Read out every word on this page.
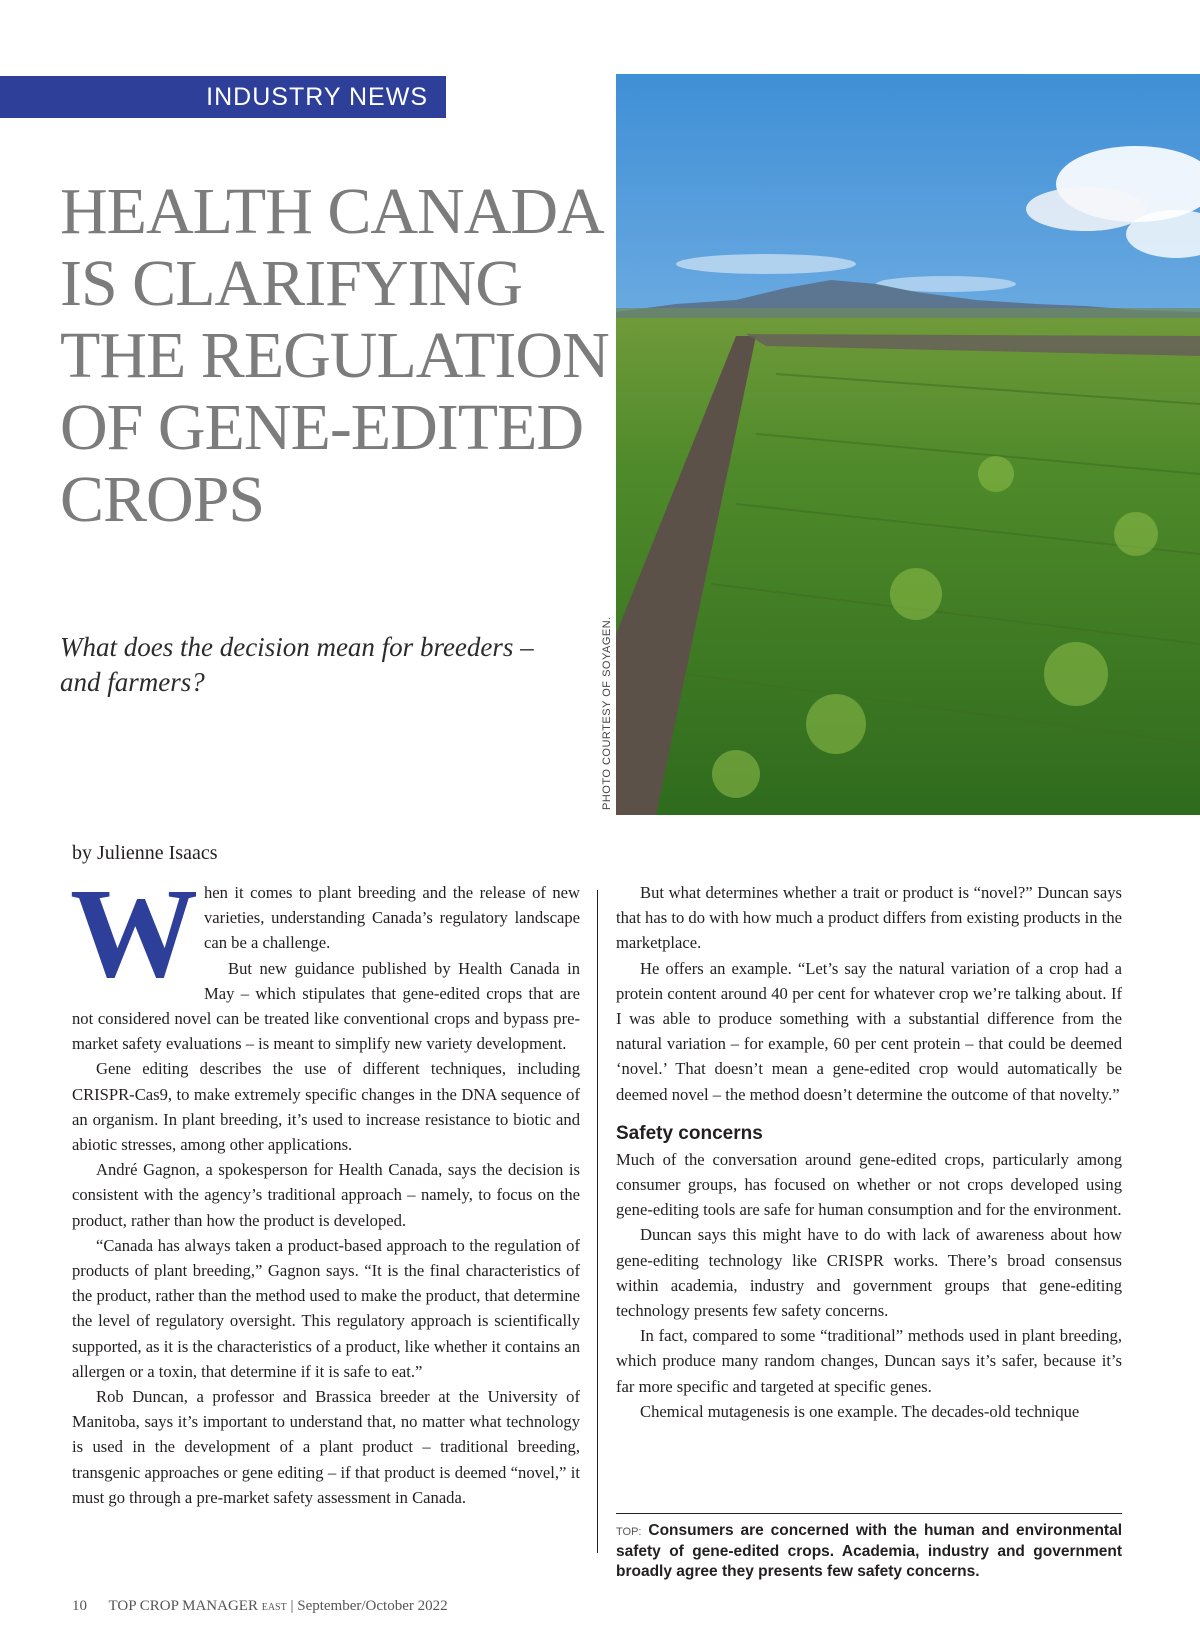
INDUSTRY NEWS
HEALTH CANADA IS CLARIFYING THE REGULATION OF GENE-EDITED CROPS
What does the decision mean for breeders – and farmers?	PHOTO COURTESY OF SOYAGEN.
by Julienne Isaacs

When it comes to plant breeding and the release of new varieties, understanding Canada’s regulatory landscape can be a challenge.

But new guidance published by Health Canada in May – which stipulates that gene-edited crops that are not considered novel can be treated like conventional crops and bypass pre-market safety evaluations – is meant to simplify new variety development.

Gene editing describes the use of different techniques, including CRISPR-Cas9, to make extremely specific changes in the DNA sequence of an organism. In plant breeding, it’s used to increase resistance to biotic and abiotic stresses, among other applications.

André Gagnon, a spokesperson for Health Canada, says the decision is consistent with the agency’s traditional approach – namely, to focus on the product, rather than how the product is developed.

“Canada has always taken a product-based approach to the regulation of products of plant breeding,” Gagnon says. “It is the final characteristics of the product, rather than the method used to make the product, that determine the level of regulatory oversight. This regulatory approach is scientifically supported, as it is the characteristics of a product, like whether it contains an allergen or a toxin, that determine if it is safe to eat.”

Rob Duncan, a professor and Brassica breeder at the University of Manitoba, says it’s important to understand that, no matter what technology is used in the development of a plant product – traditional breeding, transgenic approaches or gene editing – if that product is deemed “novel,” it must go through a pre-market safety assessment in Canada.

But what determines whether a trait or product is “novel?” Duncan says that has to do with how much a product differs from existing products in the marketplace.

He offers an example. “Let’s say the natural variation of a crop had a protein content around 40 per cent for whatever crop we’re talking about. If I was able to produce something with a substantial difference from the natural variation – for example, 60 per cent protein – that could be deemed ‘novel.’ That doesn’t mean a gene-edited crop would automatically be deemed novel – the method doesn’t determine the outcome of that novelty.”

Safety concerns

Much of the conversation around gene-edited crops, particularly among consumer groups, has focused on whether or not crops developed using gene-editing tools are safe for human consumption and for the environment.

Duncan says this might have to do with lack of awareness about how gene-editing technology like CRISPR works. There’s broad consensus within academia, industry and government groups that gene-editing technology presents few safety concerns.

In fact, compared to some “traditional” methods used in plant breeding, which produce many random changes, Duncan says it’s safer, because it’s far more specific and targeted at specific genes.

Chemical mutagenesis is one example. The decades-old technique

TOP: Consumers are concerned with the human and environmental safety of gene-edited crops. Academia, industry and government broadly agree they presents few safety concerns.
10 TOP CROP MANAGER EAST | September/October 2022
